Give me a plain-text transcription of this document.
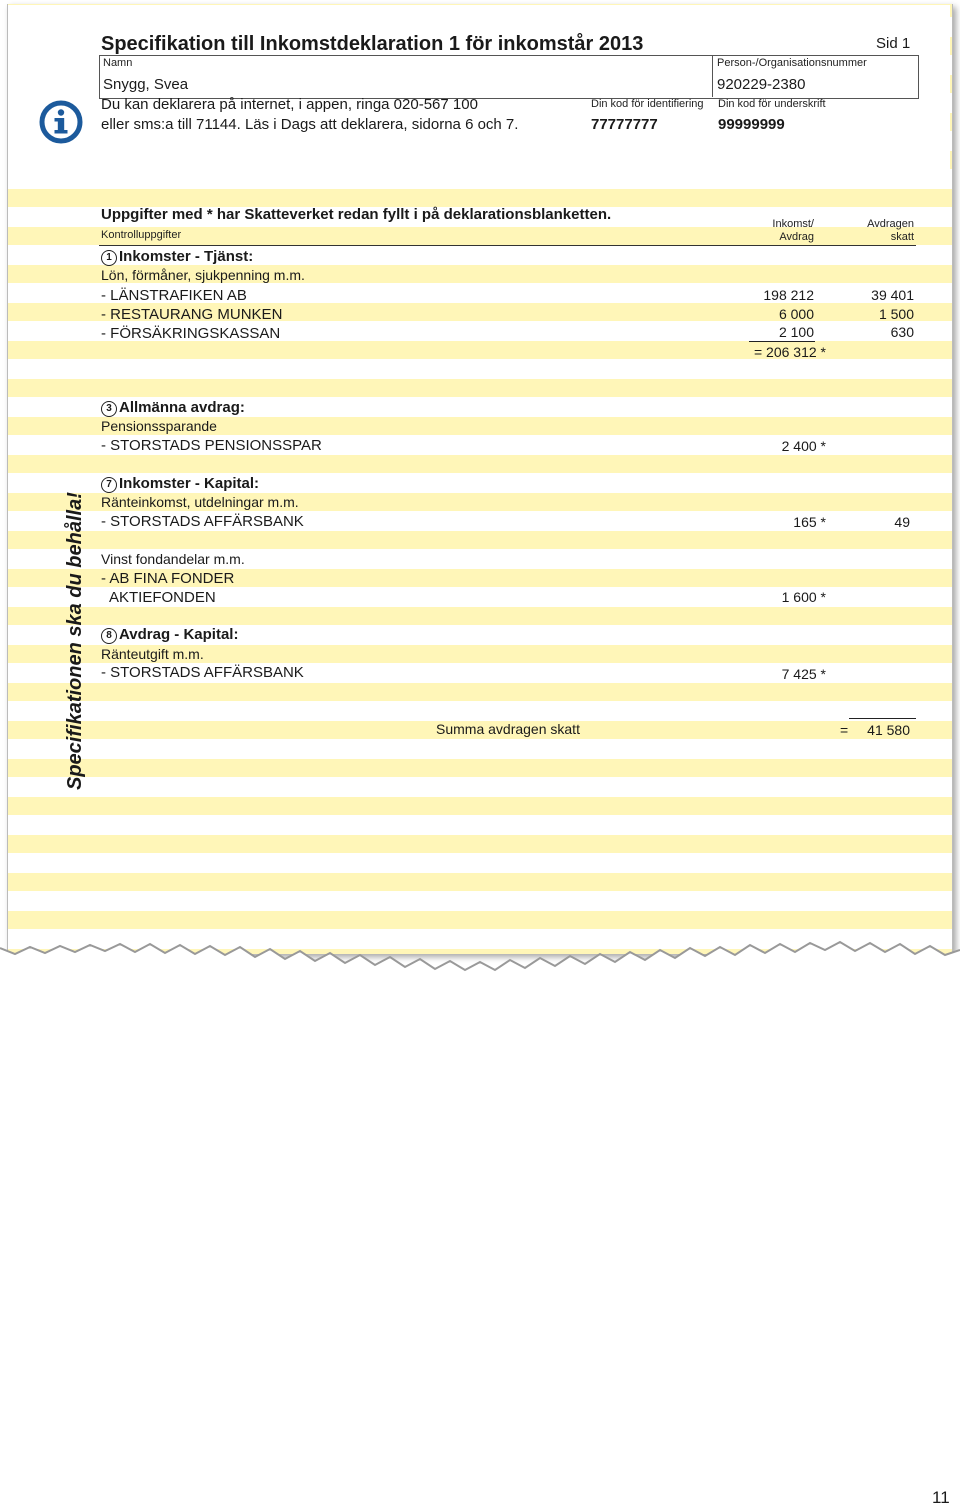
Specifikation till Inkomstdeklaration 1 för inkomstår 2013	Sid 1
Namn
Snygg, Svea
Person-/Organisationsnummer
920229-2380
Du kan deklarera på internet, i appen, ringa 020-567 100
eller sms:a till 71144. Läs i Dags att deklarera, sidorna 6 och 7.
Din kod för identifiering
77777777
Din kod för underskrift
99999999
Uppgifter med * har Skatteverket redan fyllt i på deklarationsblanketten.
Kontrolluppgifter
Inkomst/
Avdrag
Avdragen
skatt
1 Inkomster - Tjänst:
Lön, förmåner, sjukpenning m.m.
- LÄNSTRAFIKEN AB	198 212	39 401
- RESTAURANG MUNKEN	6 000	1 500
- FÖRSÄKRINGSKASSAN	2 100	630
= 206 312 *
3 Allmänna avdrag:
Pensionssparande
- STORSTADS PENSIONSSPAR	2 400 *
7 Inkomster - Kapital:
Ränteinkomst, utdelningar m.m.
- STORSTADS AFFÄRSBANK	165 *	49
Vinst fondandelar m.m.
- AB FINA FONDER
AKTIEFONDEN	1 600 *
8 Avdrag - Kapital:
Ränteutgift m.m.
- STORSTADS AFFÄRSBANK	7 425 *
Summa avdragen skatt	=	41 580
Specifikationen ska du behålla!
11
